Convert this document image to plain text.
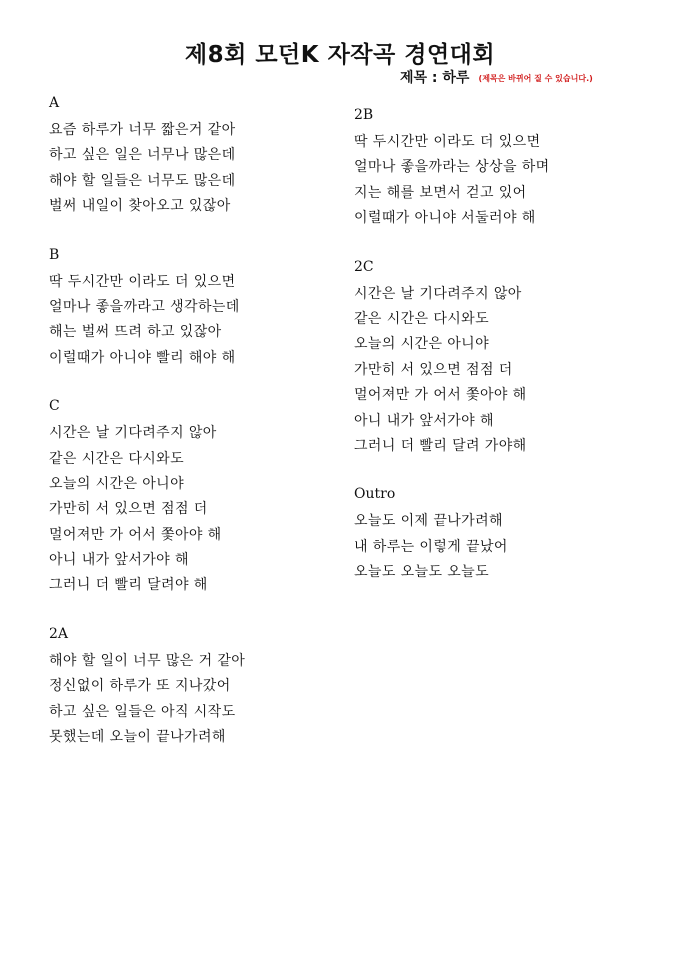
제8회 모던K 자작곡 경연대회
제목 : 하루 (제목은 바뀌어 질 수 있습니다.)
A
요즘 하루가 너무 짧은거 같아
하고 싶은 일은 너무나 많은데
해야 할 일들은 너무도 많은데
벌써 내일이 찾아오고 있잖아
B
딱 두시간만 이라도 더 있으면
얼마나 좋을까라고 생각하는데
해는 벌써 뜨려 하고 있잖아
이럴때가 아니야 빨리 해야 해
C
시간은 날 기다려주지 않아
같은 시간은 다시와도
오늘의 시간은 아니야
가만히 서 있으면 점점 더
멀어져만 가 어서 쫓아야 해
아니 내가 앞서가야 해
그러니 더 빨리 달려야 해
2A
해야 할 일이 너무 많은 거 같아
정신없이 하루가 또 지나갔어
하고 싶은 일들은 아직 시작도
못했는데 오늘이 끝나가려해
2B
딱 두시간만 이라도 더 있으면
얼마나 좋을까라는 상상을 하며
지는 해를 보면서 걷고 있어
이럴때가 아니야 서둘러야 해
2C
시간은 날 기다려주지 않아
같은 시간은 다시와도
오늘의 시간은 아니야
가만히 서 있으면 점점 더
멀어져만 가 어서 쫓아야 해
아니 내가 앞서가야 해
그러니 더 빨리 달려 가야해
Outro
오늘도 이제 끝나가려해
내 하루는 이렇게 끝났어
오늘도 오늘도 오늘도
